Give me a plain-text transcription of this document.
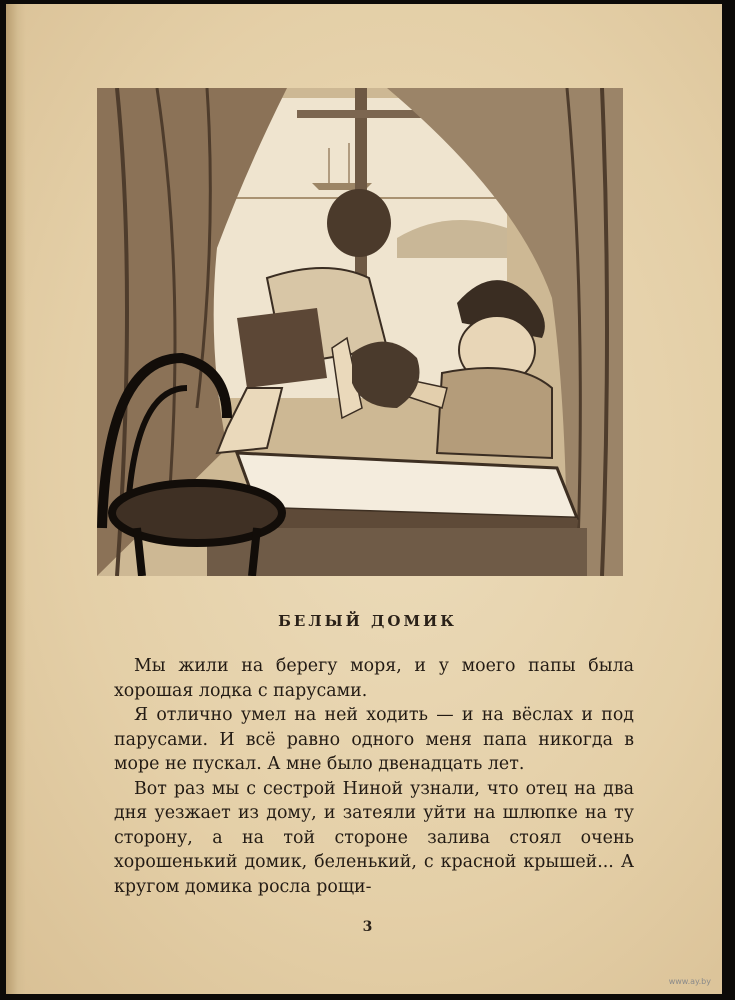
БЕЛЫЙ ДОМИК

Мы жили на берегу моря, и у моего папы была хорошая лодка с парусами.

Я отлично умел на ней ходить — и на вёслах и под парусами. И всё равно одного меня папа никогда в море не пускал. А мне было двенадцать лет.

Вот раз мы с сестрой Ниной узнали, что отец на два дня уезжает из дому, и затеяли уйти на шлюпке на ту сторону, а на той стороне залива стоял очень хорошенький домик, беленький, с красной крышей... А кругом домика росла рощи-

3
www.ay.by
